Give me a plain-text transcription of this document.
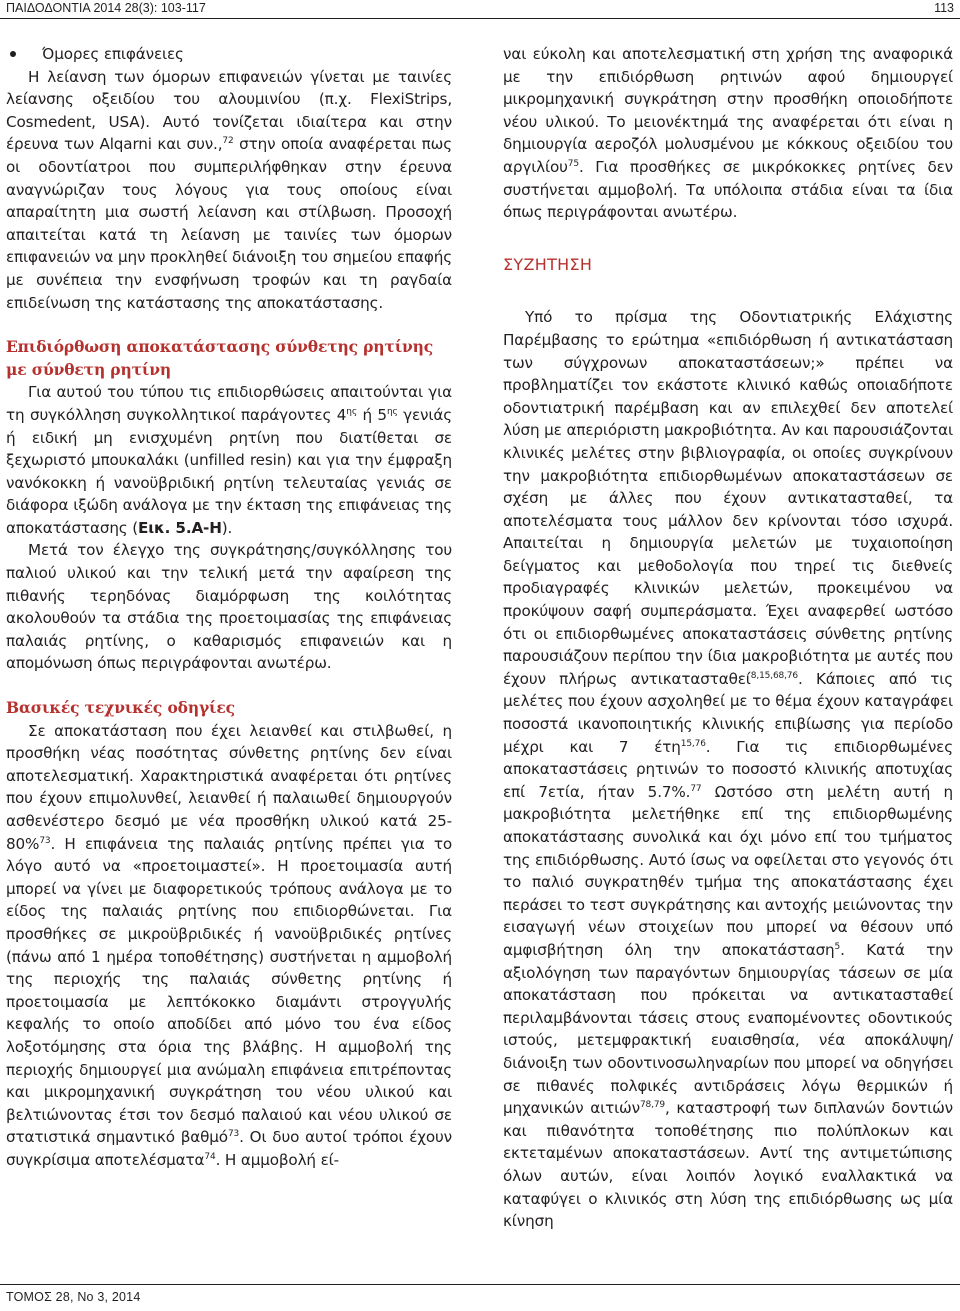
ΠΑΙΔΟΔΟΝΤΙΑ 2014 28(3): 103-117	113

Όμορες επιφάνειες

Η λείανση των όμορων επιφανειών γίνεται με ταινίες λείανσης οξειδίου του αλουμινίου (π.χ. FlexiStrips, Cosmedent, USA). Αυτό τονίζεται ιδιαίτερα και στην έρευνα των Alqarni και συν.,$^{72}$ στην οποία αναφέρεται πως οι οδοντίατροι που συμπεριλήφθηκαν στην έρευνα αναγνώριζαν τους λόγους για τους οποίους είναι απαραίτητη μια σωστή λείανση και στίλβωση. Προσοχή απαιτείται κατά τη λείανση με ταινίες των όμορων επιφανειών να μην προκληθεί διάνοιξη του σημείου επαφής με συνέπεια την ενσφήνωση τροφών και τη ραγδαία επιδείνωση της κατάστασης της αποκατάστασης.

Επιδιόρθωση αποκατάστασης σύνθετης ρητίνης με σύνθετη ρητίνη

Για αυτού του τύπου τις επιδιορθώσεις απαιτούνται για τη συγκόλληση συγκολλητικοί παράγοντες $4^{\eta\varsigma}$ ή $5^{\eta\varsigma}$ γενιάς ή ειδική μη ενισχυμένη ρητίνη που διατίθεται σε ξεχωριστό μπουκαλάκι (unfilled resin) και για την έμφραξη νανόκοκκη ή νανοϋβριδική ρητίνη τελευταίας γενιάς σε διάφορα ιξώδη ανάλογα με την έκταση της επιφάνειας της αποκατάστασης (Εικ. 5.Α-Η).

Μετά τον έλεγχο της συγκράτησης/συγκόλλησης του παλιού υλικού και την τελική μετά την αφαίρεση της πιθανής τερηδόνας διαμόρφωση της κοιλότητας ακολουθούν τα στάδια της προετοιμασίας της επιφάνειας παλαιάς ρητίνης, ο καθαρισμός επιφανειών και η απομόνωση όπως περιγράφονται ανωτέρω.

Βασικές τεχνικές οδηγίες

Σε αποκατάσταση που έχει λειανθεί και στιλβωθεί, η προσθήκη νέας ποσότητας σύνθετης ρητίνης δεν είναι αποτελεσματική. Χαρακτηριστικά αναφέρεται ότι ρητίνες που έχουν επιμολυνθεί, λειανθεί ή παλαιωθεί δημιουργούν ασθενέστερο δεσμό με νέα προσθήκη υλικού κατά 25-80%$^{73}$. Η επιφάνεια της παλαιάς ρητίνης πρέπει για το λόγο αυτό να «προετοιμαστεί». Η προετοιμασία αυτή μπορεί να γίνει με διαφορετικούς τρόπους ανάλογα με το είδος της παλαιάς ρητίνης που επιδιορθώνεται. Για προσθήκες σε μικροϋβριδικές ή νανοϋβριδικές ρητίνες (πάνω από 1 ημέρα τοποθέτησης) συστήνεται η αμμοβολή της περιοχής της παλαιάς σύνθετης ρητίνης ή προετοιμασία με λεπτόκοκκο διαμάντι στρογγυλής κεφαλής το οποίο αποδίδει από μόνο του ένα είδος λοξοτόμησης στα όρια της βλάβης. Η αμμοβολή της περιοχής δημιουργεί μια ανώμαλη επιφάνεια επιτρέποντας και μικρομηχανική συγκράτηση του νέου υλικού και βελτιώνοντας έτσι τον δεσμό παλαιού και νέου υλικού σε στατιστικά σημαντικό βαθμό$^{73}$. Οι δυο αυτοί τρόποι έχουν συγκρίσιμα αποτελέσματα$^{74}$. Η αμμοβολή εί-

ναι εύκολη και αποτελεσματική στη χρήση της αναφορικά με την επιδιόρθωση ρητινών αφού δημιουργεί μικρομηχανική συγκράτηση στην προσθήκη οποιοδήποτε νέου υλικού. Το μειονέκτημά της αναφέρεται ότι είναι η δημιουργία αεροζόλ μολυσμένου με κόκκους οξειδίου του αργιλίου$^{75}$. Για προσθήκες σε μικρόκοκκες ρητίνες δεν συστήνεται αμμοβολή. Τα υπόλοιπα στάδια είναι τα ίδια όπως περιγράφονται ανωτέρω.

ΣΥΖΗΤΗΣΗ

Υπό το πρίσμα της Οδοντιατρικής Ελάχιστης Παρέμβασης το ερώτημα «επιδιόρθωση ή αντικατάσταση των σύγχρονων αποκαταστάσεων;» πρέπει να προβληματίζει τον εκάστοτε κλινικό καθώς οποιαδήποτε οδοντιατρική παρέμβαση και αν επιλεχθεί δεν αποτελεί λύση με απεριόριστη μακροβιότητα. Αν και παρουσιάζονται κλινικές μελέτες στην βιβλιογραφία, οι οποίες συγκρίνουν την μακροβιότητα επιδιορθωμένων αποκαταστάσεων σε σχέση με άλλες που έχουν αντικατασταθεί, τα αποτελέσματα τους μάλλον δεν κρίνονται τόσο ισχυρά. Απαιτείται η δημιουργία μελετών με τυχαιοποίηση δείγματος και μεθοδολογία που τηρεί τις διεθνείς προδιαγραφές κλινικών μελετών, προκειμένου να προκύψουν σαφή συμπεράσματα. Έχει αναφερθεί ωστόσο ότι οι επιδιορθωμένες αποκαταστάσεις σύνθετης ρητίνης παρουσιάζουν περίπου την ίδια μακροβιότητα με αυτές που έχουν πλήρως αντικατασταθεί$^{8,15,68,76}$. Κάποιες από τις μελέτες που έχουν ασχοληθεί με το θέμα έχουν καταγράφει ποσοστά ικανοποιητικής κλινικής επιβίωσης για περίοδο μέχρι και 7 έτη$^{15,76}$. Για τις επιδιορθωμένες αποκαταστάσεις ρητινών το ποσοστό κλινικής αποτυχίας επί 7ετία, ήταν 5.7%.$^{77}$ Ωστόσο στη μελέτη αυτή η μακροβιότητα μελετήθηκε επί της επιδιορθωμένης αποκατάστασης συνολικά και όχι μόνο επί του τμήματος της επιδιόρθωσης. Αυτό ίσως να οφείλεται στο γεγονός ότι το παλιό συγκρατηθέν τμήμα της αποκατάστασης έχει περάσει το τεστ συγκράτησης και αντοχής μειώνοντας την εισαγωγή νέων στοιχείων που μπορεί να θέσουν υπό αμφισβήτηση όλη την αποκατάσταση$^5$. Κατά την αξιολόγηση των παραγόντων δημιουργίας τάσεων σε μία αποκατάσταση που πρόκειται να αντικατασταθεί περιλαμβάνονται τάσεις στους εναπομένοντες οδοντικούς ιστούς, μετεμφρακτική ευαισθησία, νέα αποκάλυψη/διάνοιξη των οδοντινοσωληναρίων που μπορεί να οδηγήσει σε πιθανές πολφικές αντιδράσεις λόγω θερμικών ή μηχανικών αιτιών$^{78,79}$, καταστροφή των διπλανών δοντιών και πιθανότητα τοποθέτησης πιο πολύπλοκων και εκτεταμένων αποκαταστάσεων. Αντί της αντιμετώπισης όλων αυτών, είναι λοιπόν λογικό εναλλακτικά να καταφύγει ο κλινικός στη λύση της επιδιόρθωσης ως μία κίνηση

ΤΟΜΟΣ 28, Νο 3, 2014
